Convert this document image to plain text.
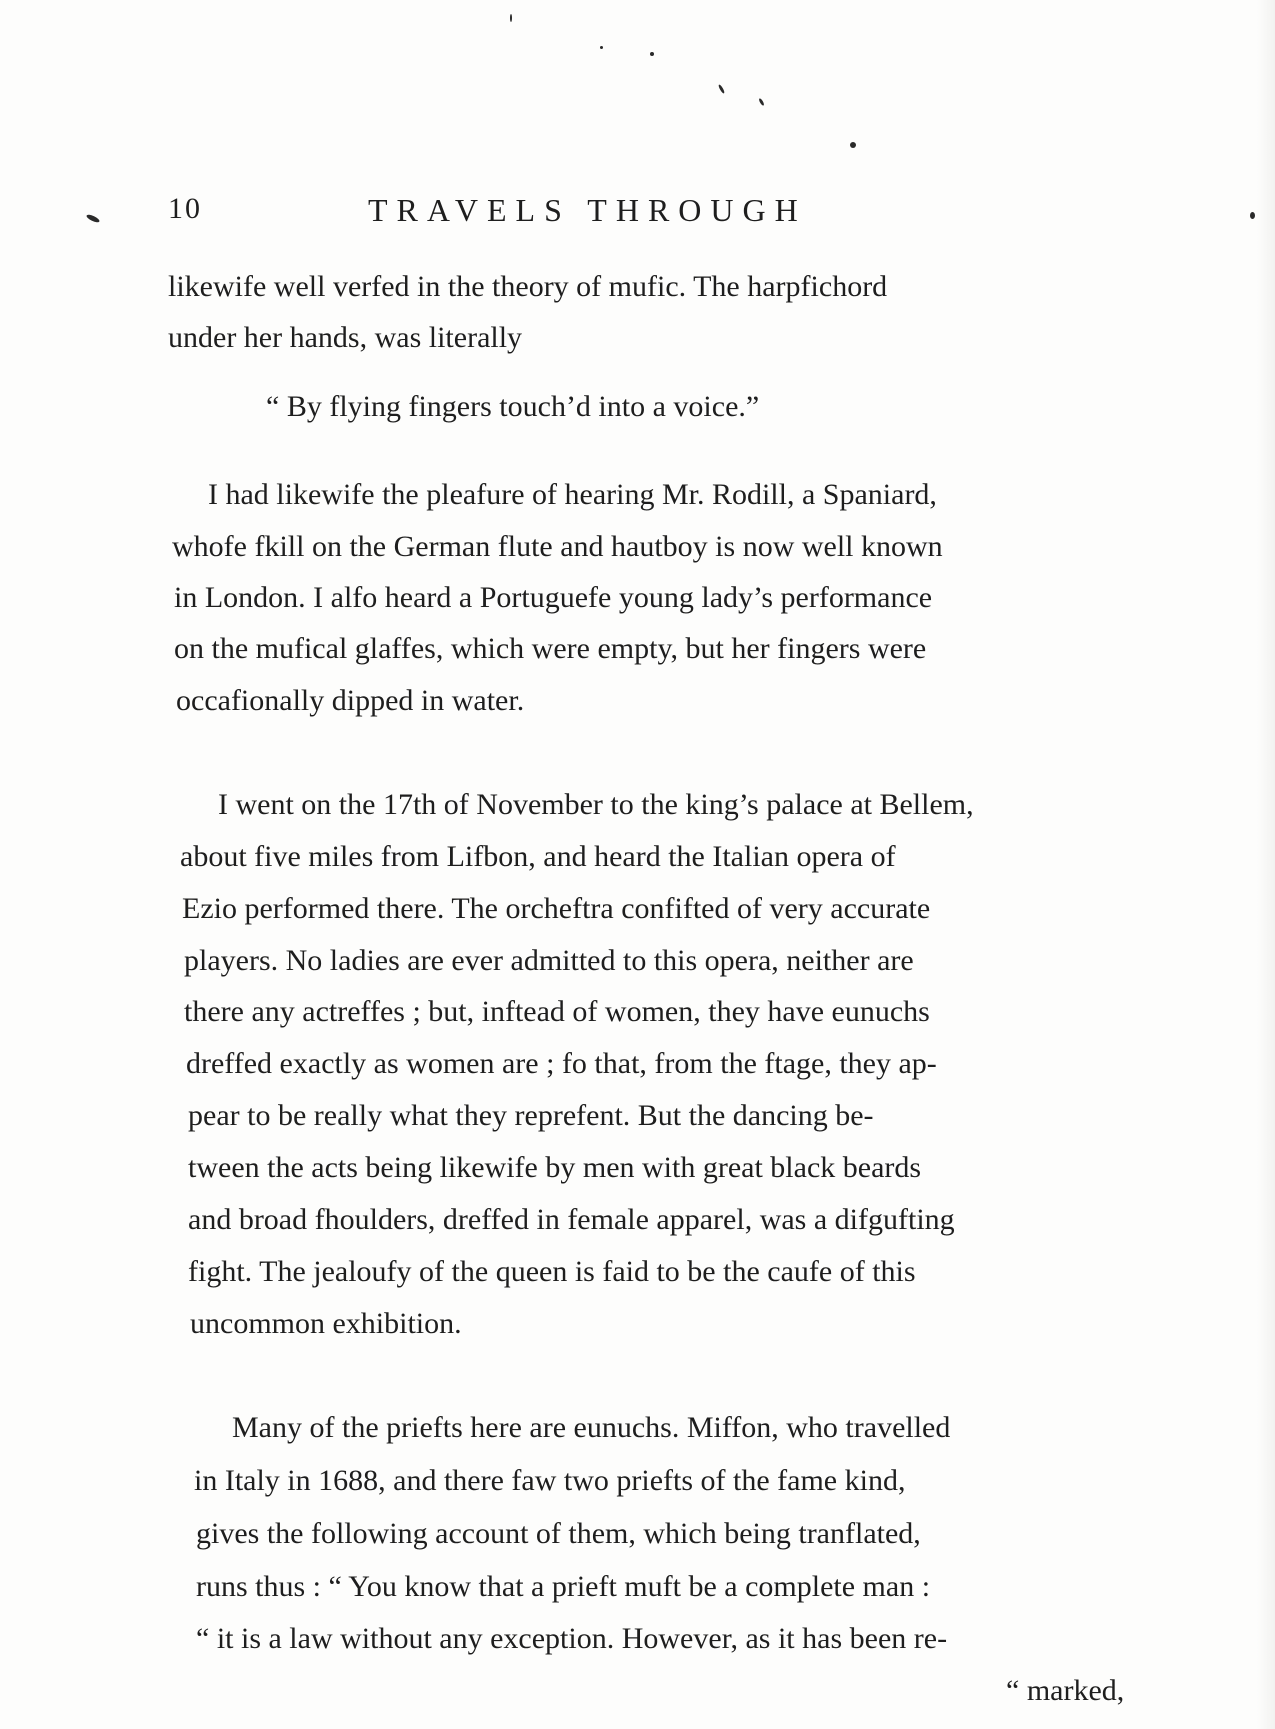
10	TRAVELS THROUGH
likewife well verfed in the theory of mufic. The harpfichord
under her hands, was literally
“ By flying fingers touch’d into a voice.”
I had likewife the pleafure of hearing Mr. Rodill, a Spaniard,
whofe fkill on the German flute and hautboy is now well known
in London. I alfo heard a Portuguefe young lady’s performance
on the mufical glaffes, which were empty, but her fingers were
occafionally dipped in water.
I went on the 17th of November to the king’s palace at Bellem,
about five miles from Lifbon, and heard the Italian opera of
Ezio performed there. The orcheftra confifted of very accurate
players. No ladies are ever admitted to this opera, neither are
there any actreffes ; but, inftead of women, they have eunuchs
dreffed exactly as women are ; fo that, from the ftage, they ap-
pear to be really what they reprefent. But the dancing be-
tween the acts being likewife by men with great black beards
and broad fhoulders, dreffed in female apparel, was a difgufting
fight. The jealoufy of the queen is faid to be the caufe of this
uncommon exhibition.
Many of the priefts here are eunuchs. Miffon, who travelled
in Italy in 1688, and there faw two priefts of the fame kind,
gives the following account of them, which being tranflated,
runs thus : “ You know that a prieft muft be a complete man :
“ it is a law without any exception. However, as it has been re-
“ marked,
